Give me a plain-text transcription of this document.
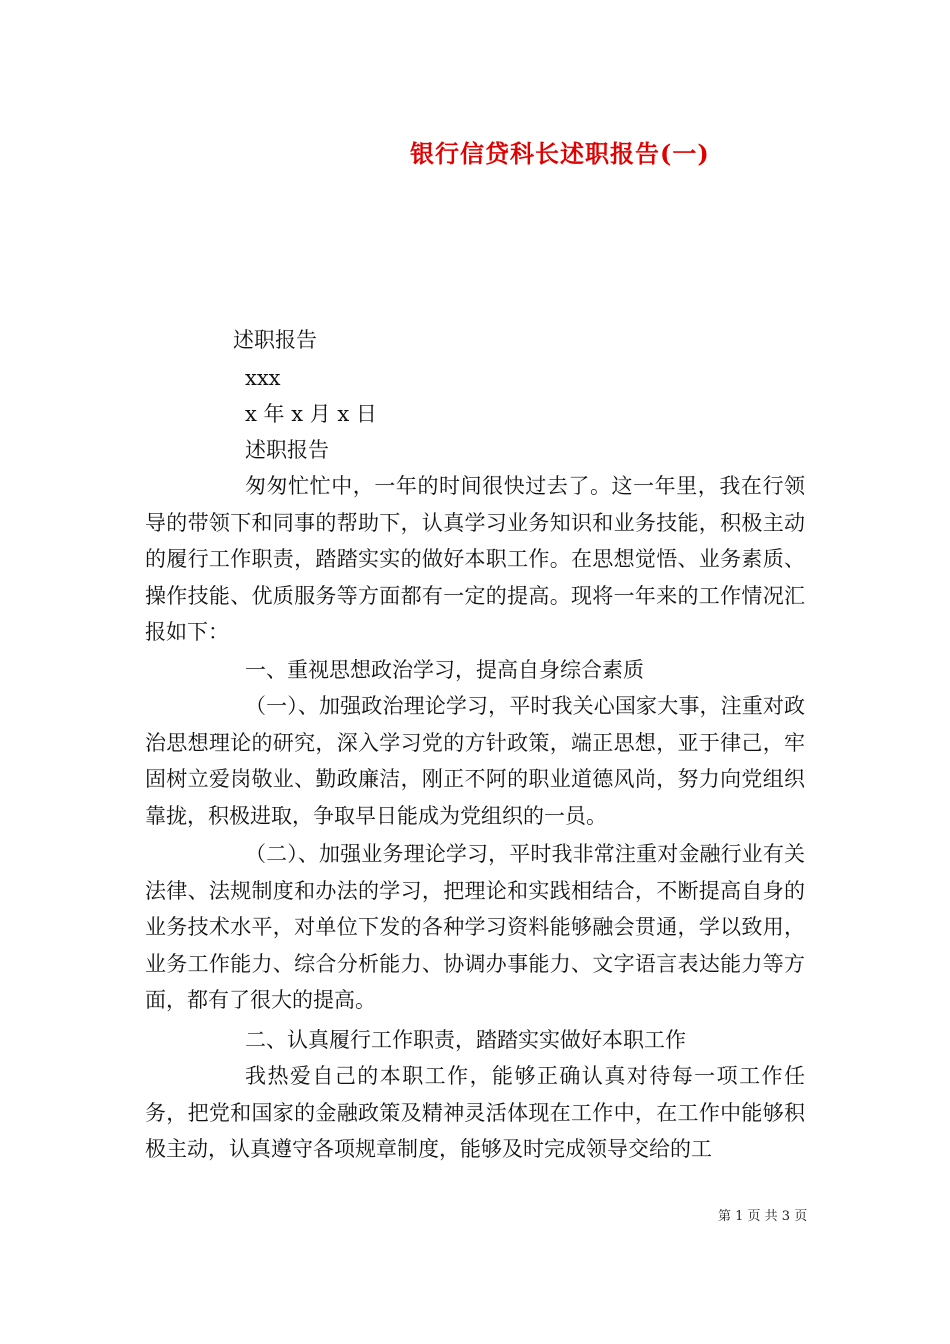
银行信贷科长述职报告(一)
述职报告
xxx
x 年 x 月 x 日
述职报告
匆匆忙忙中，一年的时间很快过去了。这一年里，我在行领导的带领下和同事的帮助下，认真学习业务知识和业务技能，积极主动的履行工作职责，踏踏实实的做好本职工作。在思想觉悟、业务素质、操作技能、优质服务等方面都有一定的提高。现将一年来的工作情况汇报如下：
一、重视思想政治学习，提高自身综合素质
（一）、加强政治理论学习，平时我关心国家大事，注重对政治思想理论的研究，深入学习党的方针政策，端正思想，亚于律己，牢固树立爱岗敬业、勤政廉洁，刚正不阿的职业道德风尚，努力向党组织靠拢，积极进取，争取早日能成为党组织的一员。
（二）、加强业务理论学习，平时我非常注重对金融行业有关法律、法规制度和办法的学习，把理论和实践相结合，不断提高自身的业务技术水平，对单位下发的各种学习资料能够融会贯通，学以致用，业务工作能力、综合分析能力、协调办事能力、文字语言表达能力等方面，都有了很大的提高。
二、认真履行工作职责，踏踏实实做好本职工作
我热爱自己的本职工作，能够正确认真对待每一项工作任务，把党和国家的金融政策及精神灵活体现在工作中，在工作中能够积极主动，认真遵守各项规章制度，能够及时完成领导交给的工
第 1 页 共 3 页
